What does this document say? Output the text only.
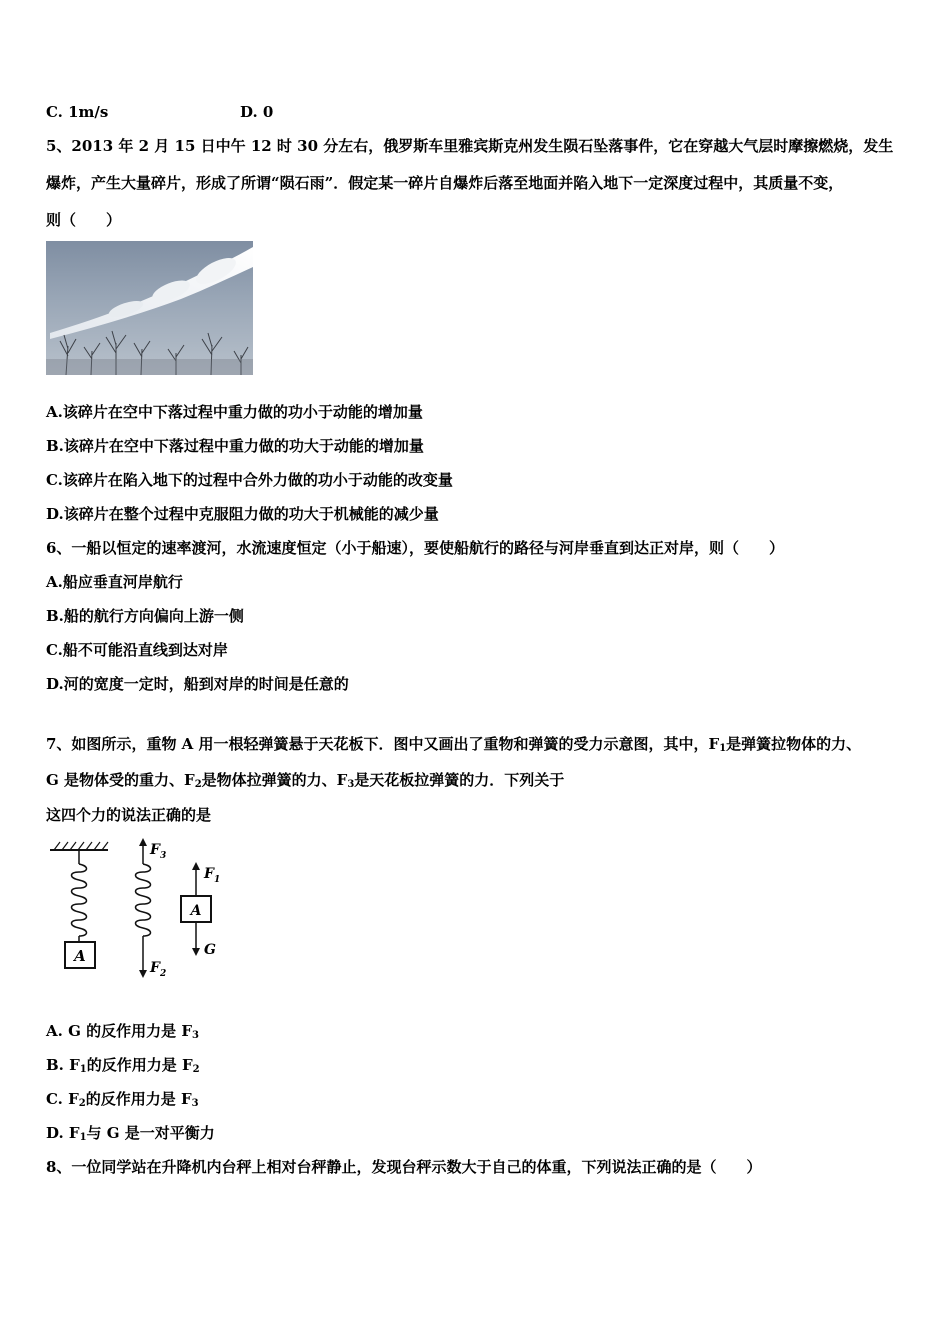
C. 1m/s	D. 0
5、2013 年 2 月 15 日中午 12 时 30 分左右，俄罗斯车里雅宾斯克州发生陨石坠落事件，它在穿越大气层时摩擦燃烧，发生
爆炸，产生大量碎片，形成了所谓“陨石雨”．假定某一碎片自爆炸后落至地面并陷入地下一定深度过程中，其质量不变，
则（　　）
A.该碎片在空中下落过程中重力做的功小于动能的增加量
B.该碎片在空中下落过程中重力做的功大于动能的增加量
C.该碎片在陷入地下的过程中合外力做的功小于动能的改变量
D.该碎片在整个过程中克服阻力做的功大于机械能的减少量
6、一船以恒定的速率渡河，水流速度恒定（小于船速），要使船航行的路径与河岸垂直到达正对岸，则（　　）
A.船应垂直河岸航行
B.船的航行方向偏向上游一侧
C.船不可能沿直线到达对岸
D.河的宽度一定时，船到对岸的时间是任意的
7、如图所示，重物 A 用一根轻弹簧悬于天花板下．图中又画出了重物和弹簧的受力示意图，其中，$F_1$是弹簧拉物体的力、
G 是物体受的重力、$F_2$是物体拉弹簧的力、$F_3$是天花板拉弹簧的力．下列关于
这四个力的说法正确的是
A
$F_3$
$F_2$
A
$F_1$
G
A. G 的反作用力是 $F_3$
B. $F_1$的反作用力是 $F_2$
C. $F_2$的反作用力是 $F_3$
D. $F_1$与 G 是一对平衡力
8、一位同学站在升降机内台秤上相对台秤静止，发现台秤示数大于自己的体重，下列说法正确的是（　　）
